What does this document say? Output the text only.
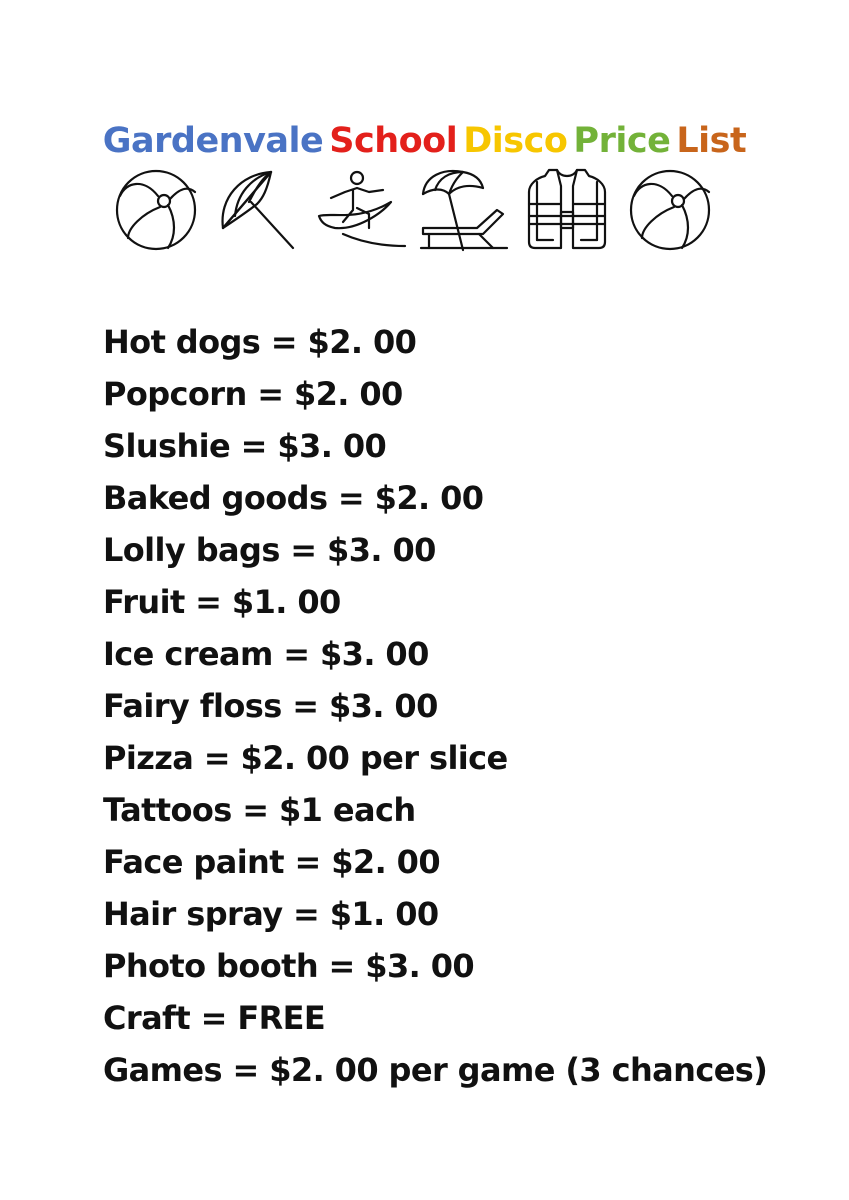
Gardenvale School Disco Price List
Hot dogs = $2. 00
Popcorn = $2. 00
Slushie = $3. 00
Baked goods = $2. 00
Lolly bags = $3. 00
Fruit = $1. 00
Ice cream = $3. 00
Fairy floss = $3. 00
Pizza = $2. 00 per slice
Tattoos = $1 each
Face paint = $2. 00
Hair spray = $1. 00
Photo booth = $3. 00
Craft = FREE
Games = $2. 00 per game (3 chances)
